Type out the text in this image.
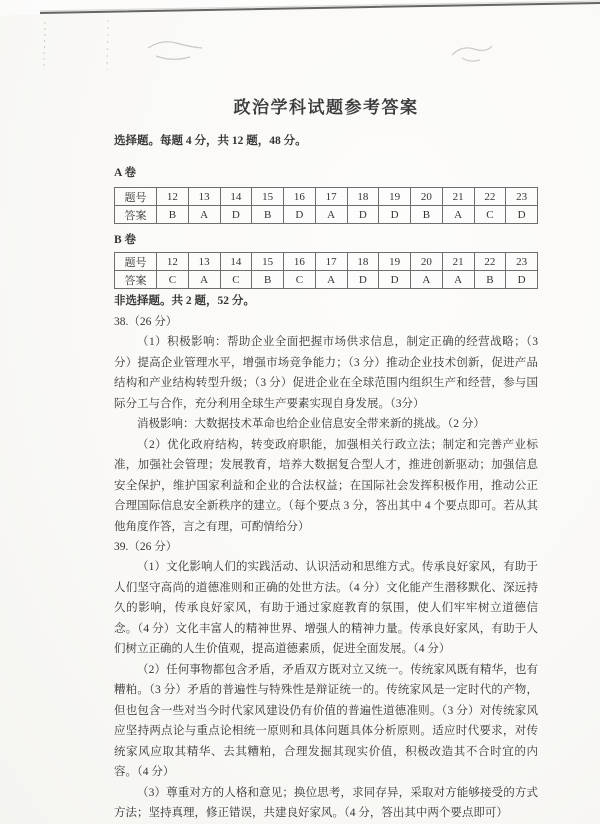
政治学科试题参考答案

选择题。每题 4 分，共 12 题，48 分。

A 卷

题号	12	13	14	15	16	17	18	19	20	21	22	23
答案	B	A	D	B	D	A	D	D	B	A	C	D

B 卷

题号	12	13	14	15	16	17	18	19	20	21	22	23
答案	C	A	C	B	C	A	D	D	A	A	B	D

非选择题。共 2 题，52 分。

38.（26 分）

（1）积极影响：帮助企业全面把握市场供求信息，制定正确的经营战略；（3 分）提高企业管理水平，增强市场竞争能力；（3 分）推动企业技术创新，促进产品结构和产业结构转型升级；（3 分）促进企业在全球范围内组织生产和经营，参与国际分工与合作，充分利用全球生产要素实现自身发展。（3分）

消极影响：大数据技术革命也给企业信息安全带来新的挑战。（2 分）

（2）优化政府结构，转变政府职能，加强相关行政立法；制定和完善产业标准，加强社会管理；发展教育，培养大数据复合型人才，推进创新驱动；加强信息安全保护，维护国家利益和企业的合法权益；在国际社会发挥积极作用，推动公正合理国际信息安全新秩序的建立。（每个要点 3 分，答出其中 4 个要点即可。若从其他角度作答，言之有理，可酌情给分）

39.（26 分）

（1）文化影响人们的实践活动、认识活动和思维方式。传承良好家风，有助于人们坚守高尚的道德准则和正确的处世方法。（4 分）文化能产生潜移默化、深远持久的影响，传承良好家风，有助于通过家庭教育的氛围，使人们牢牢树立道德信念。（4 分）文化丰富人的精神世界、增强人的精神力量。传承良好家风，有助于人们树立正确的人生价值观，提高道德素质，促进全面发展。（4 分）

（2）任何事物都包含矛盾，矛盾双方既对立又统一。传统家风既有精华，也有糟粕。（3 分）矛盾的普遍性与特殊性是辩证统一的。传统家风是一定时代的产物，但也包含一些对当今时代家风建设仍有价值的普遍性道德准则。（3 分）对传统家风应坚持两点论与重点论相统一原则和具体问题具体分析原则。适应时代要求，对传统家风应取其精华、去其糟粕，合理发掘其现实价值，积极改造其不合时宜的内容。（4 分）

（3）尊重对方的人格和意见；换位思考，求同存异，采取对方能够接受的方式方法；坚持真理，修正错误，共建良好家风。（4 分，答出其中两个要点即可）
